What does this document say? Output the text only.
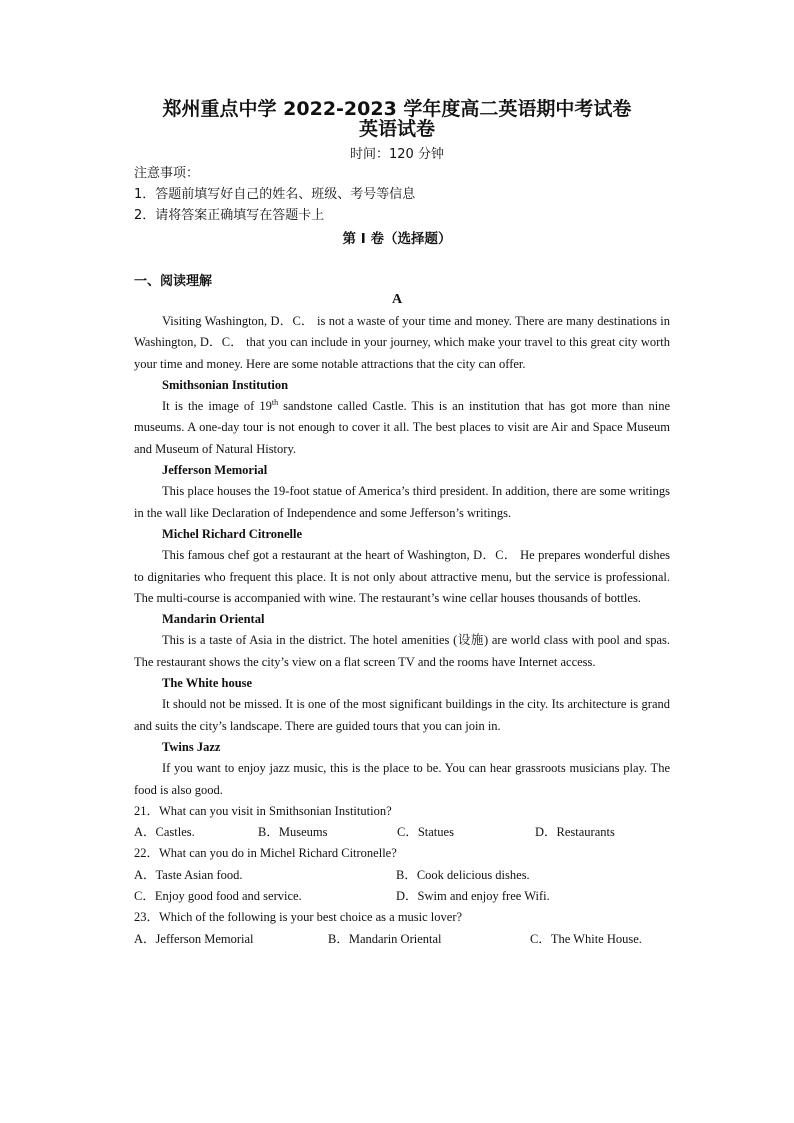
郑州重点中学 2022-2023 学年度高二英语期中考试卷
英语试卷
时间：120 分钟
注意事项：
1．答题前填写好自己的姓名、班级、考号等信息
2．请将答案正确填写在答题卡上
第 I 卷（选择题）
一、阅读理解
A

Visiting Washington, D．C． is not a waste of your time and money. There are many destinations in Washington, D．C． that you can include in your journey, which make your travel to this great city worth your time and money. Here are some notable attractions that the city can offer.

Smithsonian Institution

It is the image of 19th sandstone called Castle. This is an institution that has got more than nine museums. A one-day tour is not enough to cover it all. The best places to visit are Air and Space Museum and Museum of Natural History.

Jefferson Memorial

This place houses the 19-foot statue of America’s third president. In addition, there are some writings in the wall like Declaration of Independence and some Jefferson’s writings.

Michel Richard Citronelle

This famous chef got a restaurant at the heart of Washington, D．C． He prepares wonderful dishes to dignitaries who frequent this place. It is not only about attractive menu, but the service is professional. The multi-course is accompanied with wine. The restaurant’s wine cellar houses thousands of bottles.

Mandarin Oriental

This is a taste of Asia in the district. The hotel amenities (设施) are world class with pool and spas. The restaurant shows the city’s view on a flat screen TV and the rooms have Internet access.

The White house

It should not be missed. It is one of the most significant buildings in the city. Its architecture is grand and suits the city’s landscape. There are guided tours that you can join in.

Twins Jazz

If you want to enjoy jazz music, this is the place to be. You can hear grassroots musicians play. The food is also good.

21．What can you visit in Smithsonian Institution?
A．Castles.	B．Museums	C．Statues	D．Restaurants
22．What can you do in Michel Richard Citronelle?
A．Taste Asian food.	B．Cook delicious dishes.
C．Enjoy good food and service.	D．Swim and enjoy free Wifi.
23．Which of the following is your best choice as a music lover?
A．Jefferson Memorial	B．Mandarin Oriental	C．The White House.
